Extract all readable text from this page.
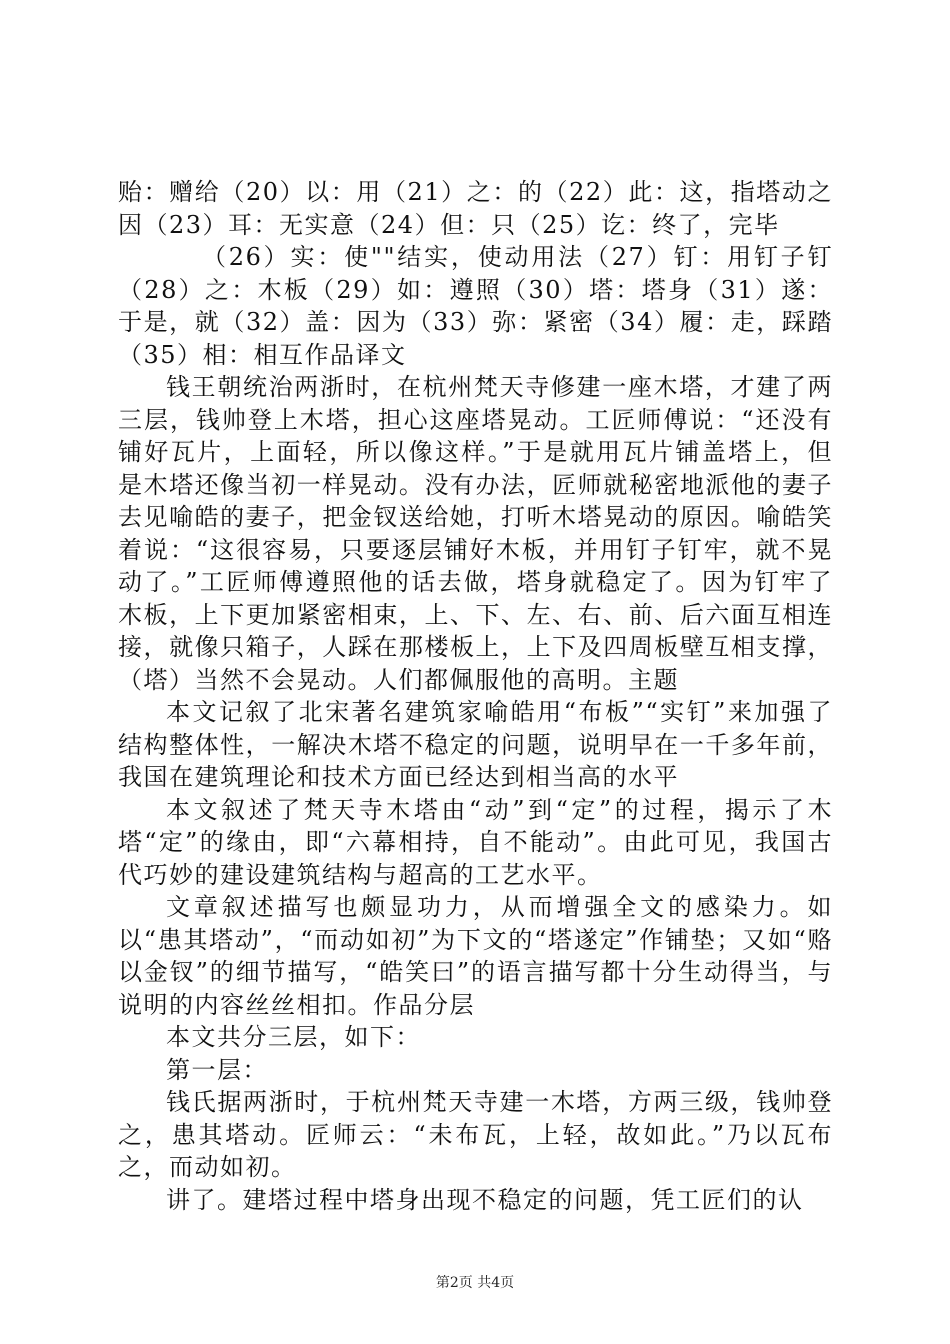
贻：赠给（20）以：用（21）之：的（22）此：这，指塔动之因（23）耳：无实意（24）但：只（25）讫：终了，完毕

（26）实：使""结实，使动用法（27）钉：用钉子钉（28）之：木板（29）如：遵照（30）塔：塔身（31）遂：于是，就（32）盖：因为（33）弥：紧密（34）履：走，踩踏（35）相：相互作品译文

钱王朝统治两浙时，在杭州梵天寺修建一座木塔，才建了两三层，钱帅登上木塔，担心这座塔晃动。工匠师傅说：“还没有铺好瓦片，上面轻，所以像这样。”于是就用瓦片铺盖塔上，但是木塔还像当初一样晃动。没有办法，匠师就秘密地派他的妻子去见喻皓的妻子，把金钗送给她，打听木塔晃动的原因。喻皓笑着说：“这很容易，只要逐层铺好木板，并用钉子钉牢，就不晃动了。”工匠师傅遵照他的话去做，塔身就稳定了。因为钉牢了木板，上下更加紧密相束，上、下、左、右、前、后六面互相连接，就像只箱子，人踩在那楼板上，上下及四周板壁互相支撑，（塔）当然不会晃动。人们都佩服他的高明。主题

本文记叙了北宋著名建筑家喻皓用“布板”“实钉”来加强了结构整体性，一解决木塔不稳定的问题，说明早在一千多年前，我国在建筑理论和技术方面已经达到相当高的水平

本文叙述了梵天寺木塔由“动”到“定”的过程，揭示了木塔“定”的缘由，即“六幕相持，自不能动”。由此可见，我国古代巧妙的建设建筑结构与超高的工艺水平。

文章叙述描写也颇显功力，从而增强全文的感染力。如以“患其塔动”，“而动如初”为下文的“塔遂定”作铺垫；又如“赂以金钗”的细节描写，“皓笑曰”的语言描写都十分生动得当，与说明的内容丝丝相扣。作品分层

本文共分三层，如下：

第一层：

钱氏据两浙时，于杭州梵天寺建一木塔，方两三级，钱帅登之，患其塔动。匠师云：“未布瓦，上轻，故如此。”乃以瓦布之，而动如初。

讲了。建塔过程中塔身出现不稳定的问题，凭工匠们的认

第2页 共4页
